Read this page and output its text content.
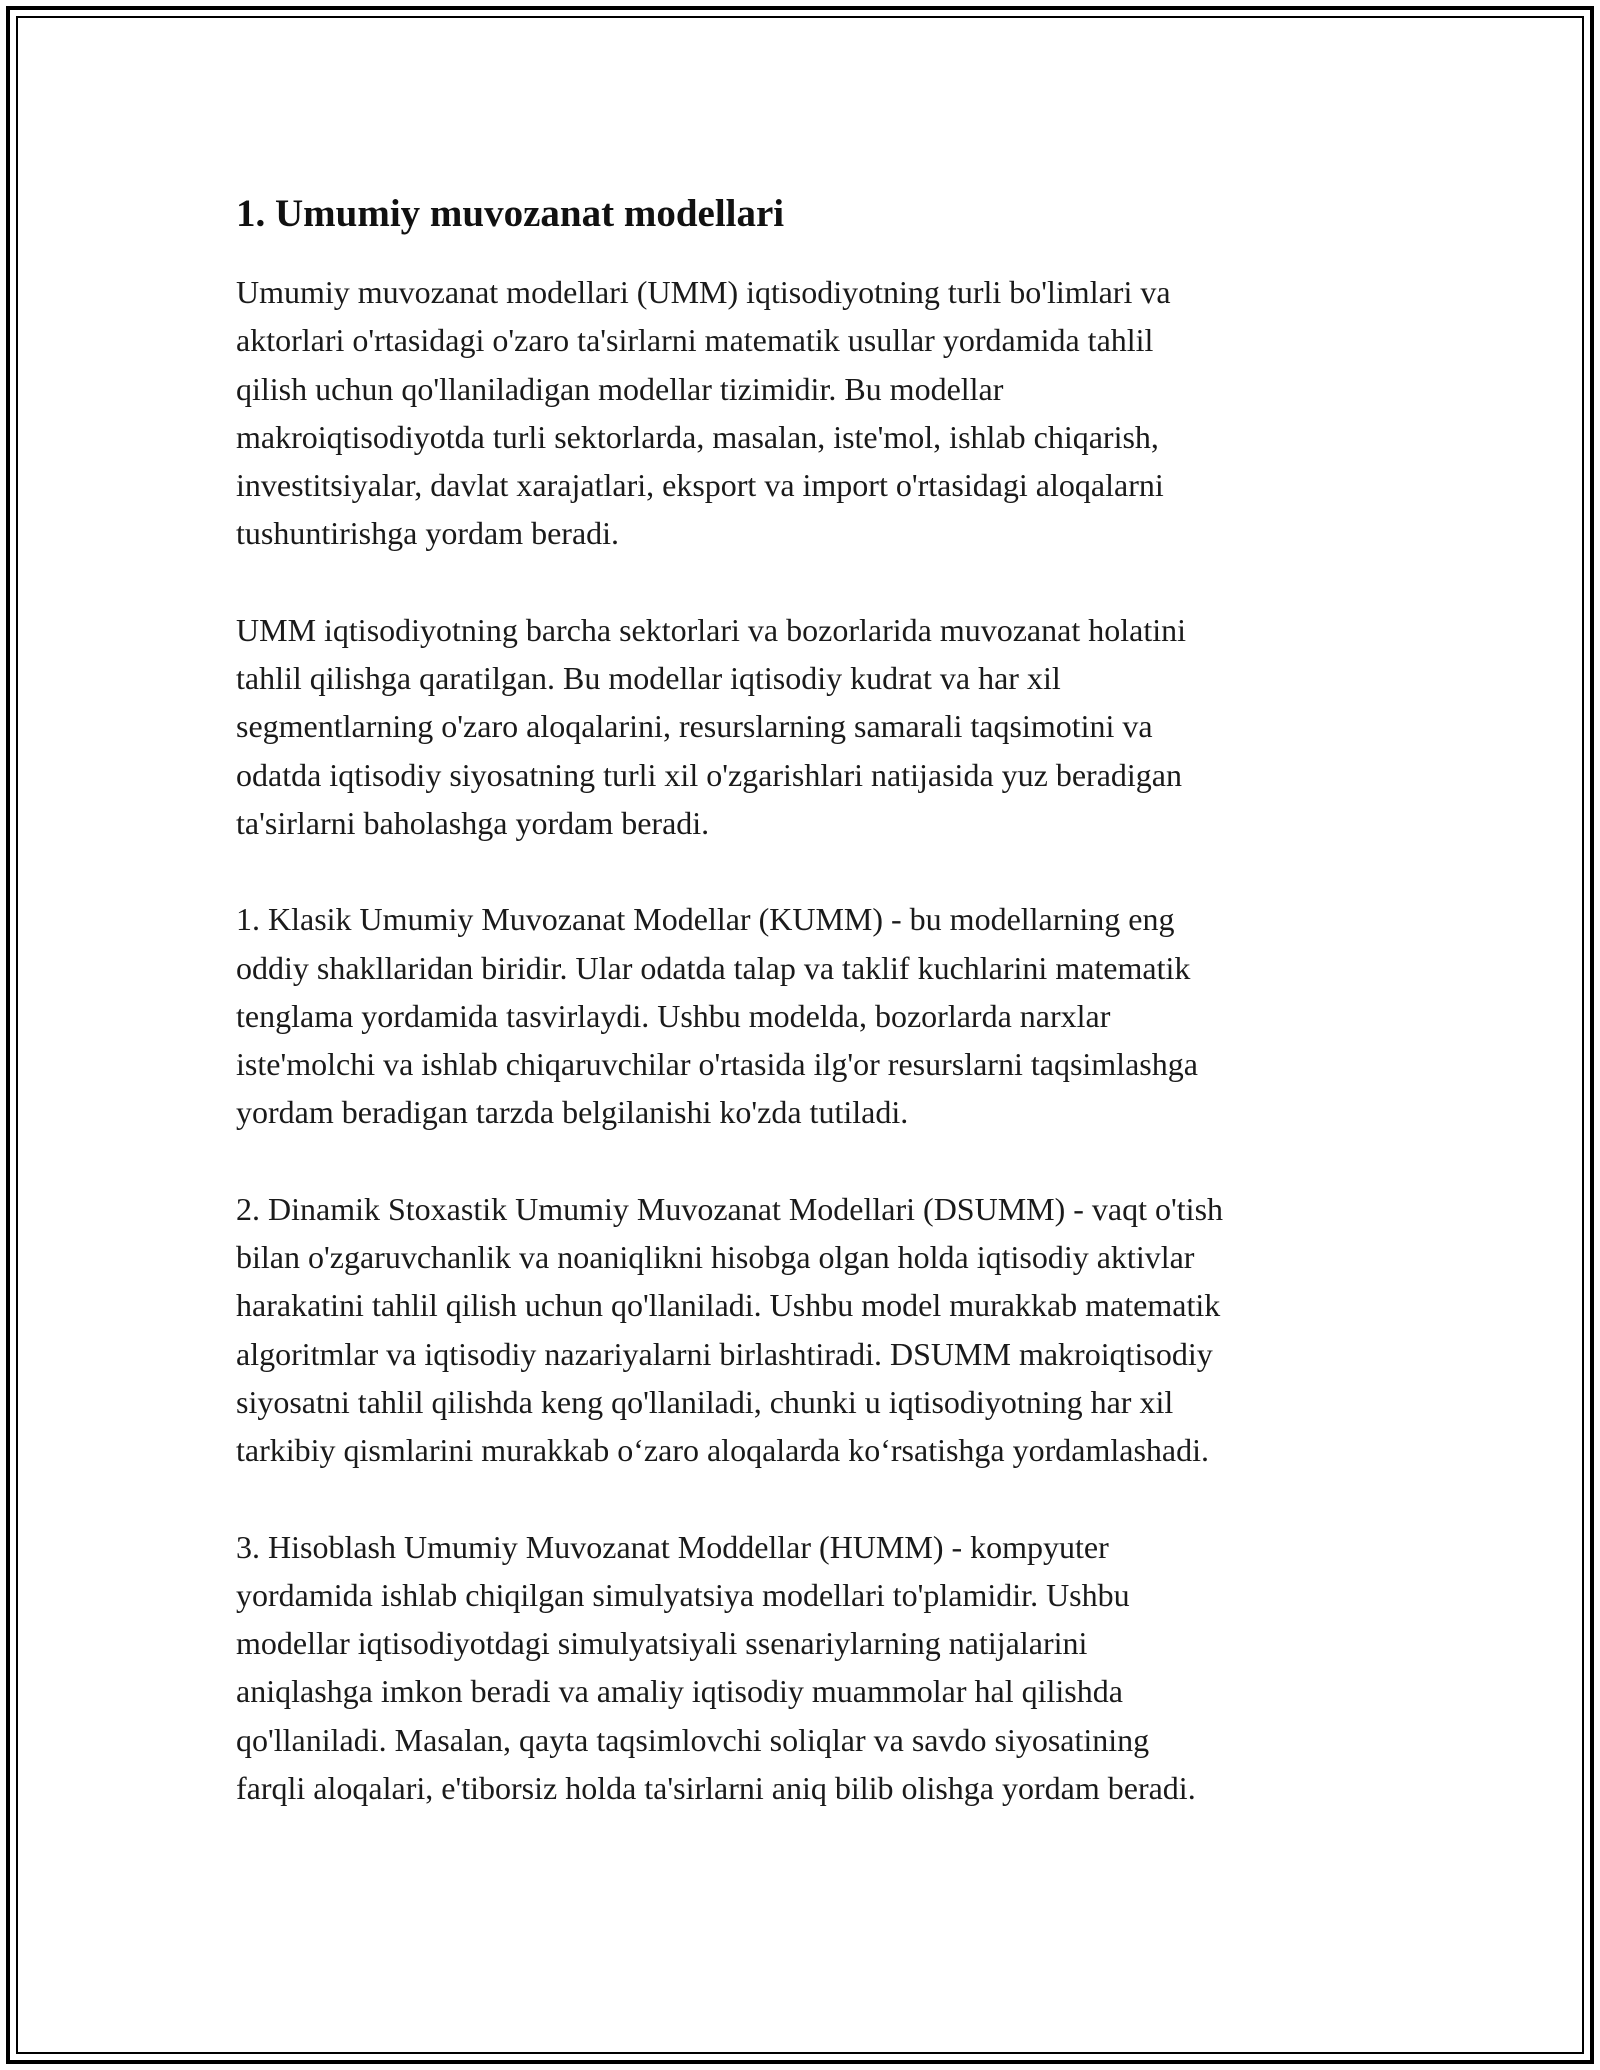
1. Umumiy muvozanat modellari

Umumiy muvozanat modellari (UMM) iqtisodiyotning turli bo'limlari va
aktorlari o'rtasidagi o'zaro ta'sirlarni matematik usullar yordamida tahlil
qilish uchun qo'llaniladigan modellar tizimidir. Bu modellar
makroiqtisodiyotda turli sektorlarda, masalan, iste'mol, ishlab chiqarish,
investitsiyalar, davlat xarajatlari, eksport va import o'rtasidagi aloqalarni
tushuntirishga yordam beradi.

UMM iqtisodiyotning barcha sektorlari va bozorlarida muvozanat holatini
tahlil qilishga qaratilgan. Bu modellar iqtisodiy kudrat va har xil
segmentlarning o'zaro aloqalarini, resurslarning samarali taqsimotini va
odatda iqtisodiy siyosatning turli xil o'zgarishlari natijasida yuz beradigan
ta'sirlarni baholashga yordam beradi.

1. Klasik Umumiy Muvozanat Modellar (KUMM) - bu modellarning eng
oddiy shakllaridan biridir. Ular odatda talap va taklif kuchlarini matematik
tenglama yordamida tasvirlaydi. Ushbu modelda, bozorlarda narxlar
iste'molchi va ishlab chiqaruvchilar o'rtasida ilg'or resurslarni taqsimlashga
yordam beradigan tarzda belgilanishi ko'zda tutiladi.

2. Dinamik Stoxastik Umumiy Muvozanat Modellari (DSUMM) - vaqt o'tish
bilan o'zgaruvchanlik va noaniqlikni hisobga olgan holda iqtisodiy aktivlar
harakatini tahlil qilish uchun qo'llaniladi. Ushbu model murakkab matematik
algoritmlar va iqtisodiy nazariyalarni birlashtiradi. DSUMM makroiqtisodiy
siyosatni tahlil qilishda keng qo'llaniladi, chunki u iqtisodiyotning har xil
tarkibiy qismlarini murakkab o‘zaro aloqalarda ko‘rsatishga yordamlashadi.

3. Hisoblash Umumiy Muvozanat Moddellar (HUMM) - kompyuter
yordamida ishlab chiqilgan simulyatsiya modellari to'plamidir. Ushbu
modellar iqtisodiyotdagi simulyatsiyali ssenariylarning natijalarini
aniqlashga imkon beradi va amaliy iqtisodiy muammolar hal qilishda
qo'llaniladi. Masalan, qayta taqsimlovchi soliqlar va savdo siyosatining
farqli aloqalari, e'tiborsiz holda ta'sirlarni aniq bilib olishga yordam beradi.
